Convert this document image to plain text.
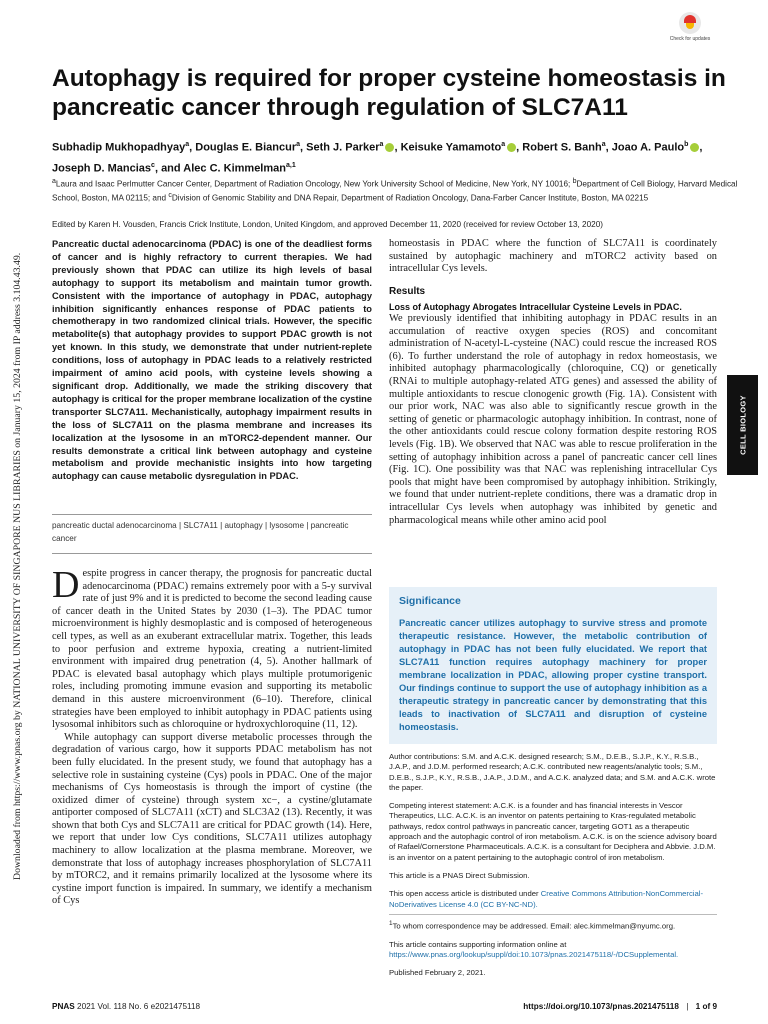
Check for updates
Autophagy is required for proper cysteine homeostasis in pancreatic cancer through regulation of SLC7A11
Subhadip Mukhopadhyay$^a$, Douglas E. Biancur$^a$, Seth J. Parker$^a$ , Keisuke Yamamoto$^a$ , Robert S. Banh$^a$, Joao A. Paulo$^b$ , Joseph D. Mancias$^c$, and Alec C. Kimmelman$^{a,1}$
$^a$Laura and Isaac Perlmutter Cancer Center, Department of Radiation Oncology, New York University School of Medicine, New York, NY 10016; $^b$Department of Cell Biology, Harvard Medical School, Boston, MA 02115; and $^c$Division of Genomic Stability and DNA Repair, Department of Radiation Oncology, Dana-Farber Cancer Institute, Boston, MA 02215
Edited by Karen H. Vousden, Francis Crick Institute, London, United Kingdom, and approved December 11, 2020 (received for review October 13, 2020)

Pancreatic ductal adenocarcinoma (PDAC) is one of the deadliest forms of cancer and is highly refractory to current therapies. We had previously shown that PDAC can utilize its high levels of basal autophagy to support its metabolism and maintain tumor growth. Consistent with the importance of autophagy in PDAC, autophagy inhibition significantly enhances response of PDAC patients to chemotherapy in two randomized clinical trials. However, the specific metabolite(s) that autophagy provides to support PDAC growth is not yet known. In this study, we demonstrate that under nutrient-replete conditions, loss of autophagy in PDAC leads to a relatively restricted impairment of amino acid pools, with cysteine levels showing a significant drop. Additionally, we made the striking discovery that autophagy is critical for the proper membrane localization of the cystine transporter SLC7A11. Mechanistically, autophagy impairment results in the loss of SLC7A11 on the plasma membrane and increases its localization at the lysosome in an mTORC2-dependent manner. Our results demonstrate a critical link between autophagy and cysteine metabolism and provide mechanistic insights into how targeting autophagy can cause metabolic dysregulation in PDAC.

pancreatic ductal adenocarcinoma | SLC7A11 | autophagy | lysosome | pancreatic cancer

Despite progress in cancer therapy, the prognosis for pancreatic ductal adenocarcinoma (PDAC) remains extremely poor with a 5-y survival rate of just 9% and it is predicted to become the second leading cause of cancer death in the United States by 2030 (1–3). The PDAC tumor microenvironment is highly desmoplastic and is composed of heterogeneous cell types, as well as an exuberant extracellular matrix. Together, this leads to poor perfusion and extreme hypoxia, creating a nutrient-limited environment with impaired drug penetration (4, 5). Another hallmark of PDAC is elevated basal autophagy which plays multiple protumorigenic roles, including promoting immune evasion and supporting its metabolic demand in this austere microenvironment (6–10). Therefore, clinical strategies have been employed to inhibit autophagy in PDAC patients using lysosomal inhibitors such as chloroquine or hydroxychloroquine (11, 12).

While autophagy can support diverse metabolic processes through the degradation of various cargo, how it supports PDAC metabolism has not been fully elucidated. In the present study, we found that autophagy has a selective role in sustaining cysteine (Cys) pools in PDAC. One of the major mechanisms of Cys homeostasis is through the import of cystine (the oxidized dimer of cysteine) through system xc−, a cystine/glutamate antiporter composed of SLC7A11 (xCT) and SLC3A2 (13). Recently, it was shown that both Cys and SLC7A11 are critical for PDAC growth (14). Here, we report that under low Cys conditions, SLC7A11 utilizes autophagy machinery to allow localization at the plasma membrane. Moreover, we demonstrate that loss of autophagy increases phosphorylation of SLC7A11 by mTORC2, and it remains primarily localized at the lysosome where its cystine import function is impaired. In summary, we identify a mechanism of Cys

homeostasis in PDAC where the function of SLC7A11 is coordinately sustained by autophagic machinery and mTORC2 activity based on intracellular Cys levels.

Results
Loss of Autophagy Abrogates Intracellular Cysteine Levels in PDAC.

We previously identified that inhibiting autophagy in PDAC results in an accumulation of reactive oxygen species (ROS) and concomitant administration of N-acetyl-L-cysteine (NAC) could rescue the increased ROS (6). To further understand the role of autophagy in redox homeostasis, we inhibited autophagy pharmacologically (chloroquine, CQ) or genetically (RNAi to multiple autophagy-related ATG genes) and assessed the ability of multiple antioxidants to rescue clonogenic growth (Fig. 1A). Consistent with our prior work, NAC was also able to significantly rescue growth in the setting of genetic or pharmacologic autophagy inhibition. In contrast, none of the other antioxidants could rescue colony formation despite restoring ROS levels (Fig. 1B). We observed that NAC was able to rescue proliferation in the setting of autophagy inhibition across a panel of pancreatic cancer cell lines (Fig. 1C). One possibility was that NAC was replenishing intracellular Cys pools that might have been compromised by autophagy inhibition. Strikingly, we found that under nutrient-replete conditions, there was a dramatic drop in intracellular Cys levels when autophagy was inhibited by genetic and pharmacological means while other amino acid pool

Significance

Pancreatic cancer utilizes autophagy to survive stress and promote therapeutic resistance. However, the metabolic contribution of autophagy in PDAC has not been fully elucidated. We report that SLC7A11 function requires autophagy machinery for proper membrane localization in PDAC, allowing proper cystine transport. Our findings continue to support the use of autophagy inhibition as a therapeutic strategy in pancreatic cancer by demonstrating that this leads to inactivation of SLC7A11 and disruption of cysteine homeostasis.

Author contributions: S.M. and A.C.K. designed research; S.M., D.E.B., S.J.P., K.Y., R.S.B., J.A.P., and J.D.M. performed research; A.C.K. contributed new reagents/analytic tools; S.M., D.E.B., S.J.P., K.Y., R.S.B., J.A.P., J.D.M., and A.C.K. analyzed data; and S.M. and A.C.K. wrote the paper.

Competing interest statement: A.C.K. is a founder and has financial interests in Vescor Therapeutics, LLC. A.C.K. is an inventor on patents pertaining to Kras-regulated metabolic pathways, redox control pathways in pancreatic cancer, targeting GOT1 as a therapeutic approach and the autophagic control of iron metabolism. A.C.K. is on the science advisory board of Rafael/Cornerstone Pharmaceuticals. A.C.K. is a consultant for Deciphera and Abbvie. J.D.M. is an inventor on a patent pertaining to the autophagic control of iron metabolism.

This article is a PNAS Direct Submission.

This open access article is distributed under Creative Commons Attribution-NonCommercial-NoDerivatives License 4.0 (CC BY-NC-ND).

$^1$To whom correspondence may be addressed. Email: alec.kimmelman@nyumc.org.

This article contains supporting information online at https://www.pnas.org/lookup/suppl/doi:10.1073/pnas.2021475118/-/DCSupplemental.

Published February 2, 2021.

CELL BIOLOGY
Downloaded from https://www.pnas.org by NATIONAL UNIVERSITY OF SINGAPORE NUS LIBRARIES on January 15, 2024 from IP address 3.104.43.49.
PNAS 2021 Vol. 118 No. 6 e2021475118	https://doi.org/10.1073/pnas.2021475118 | 1 of 9
